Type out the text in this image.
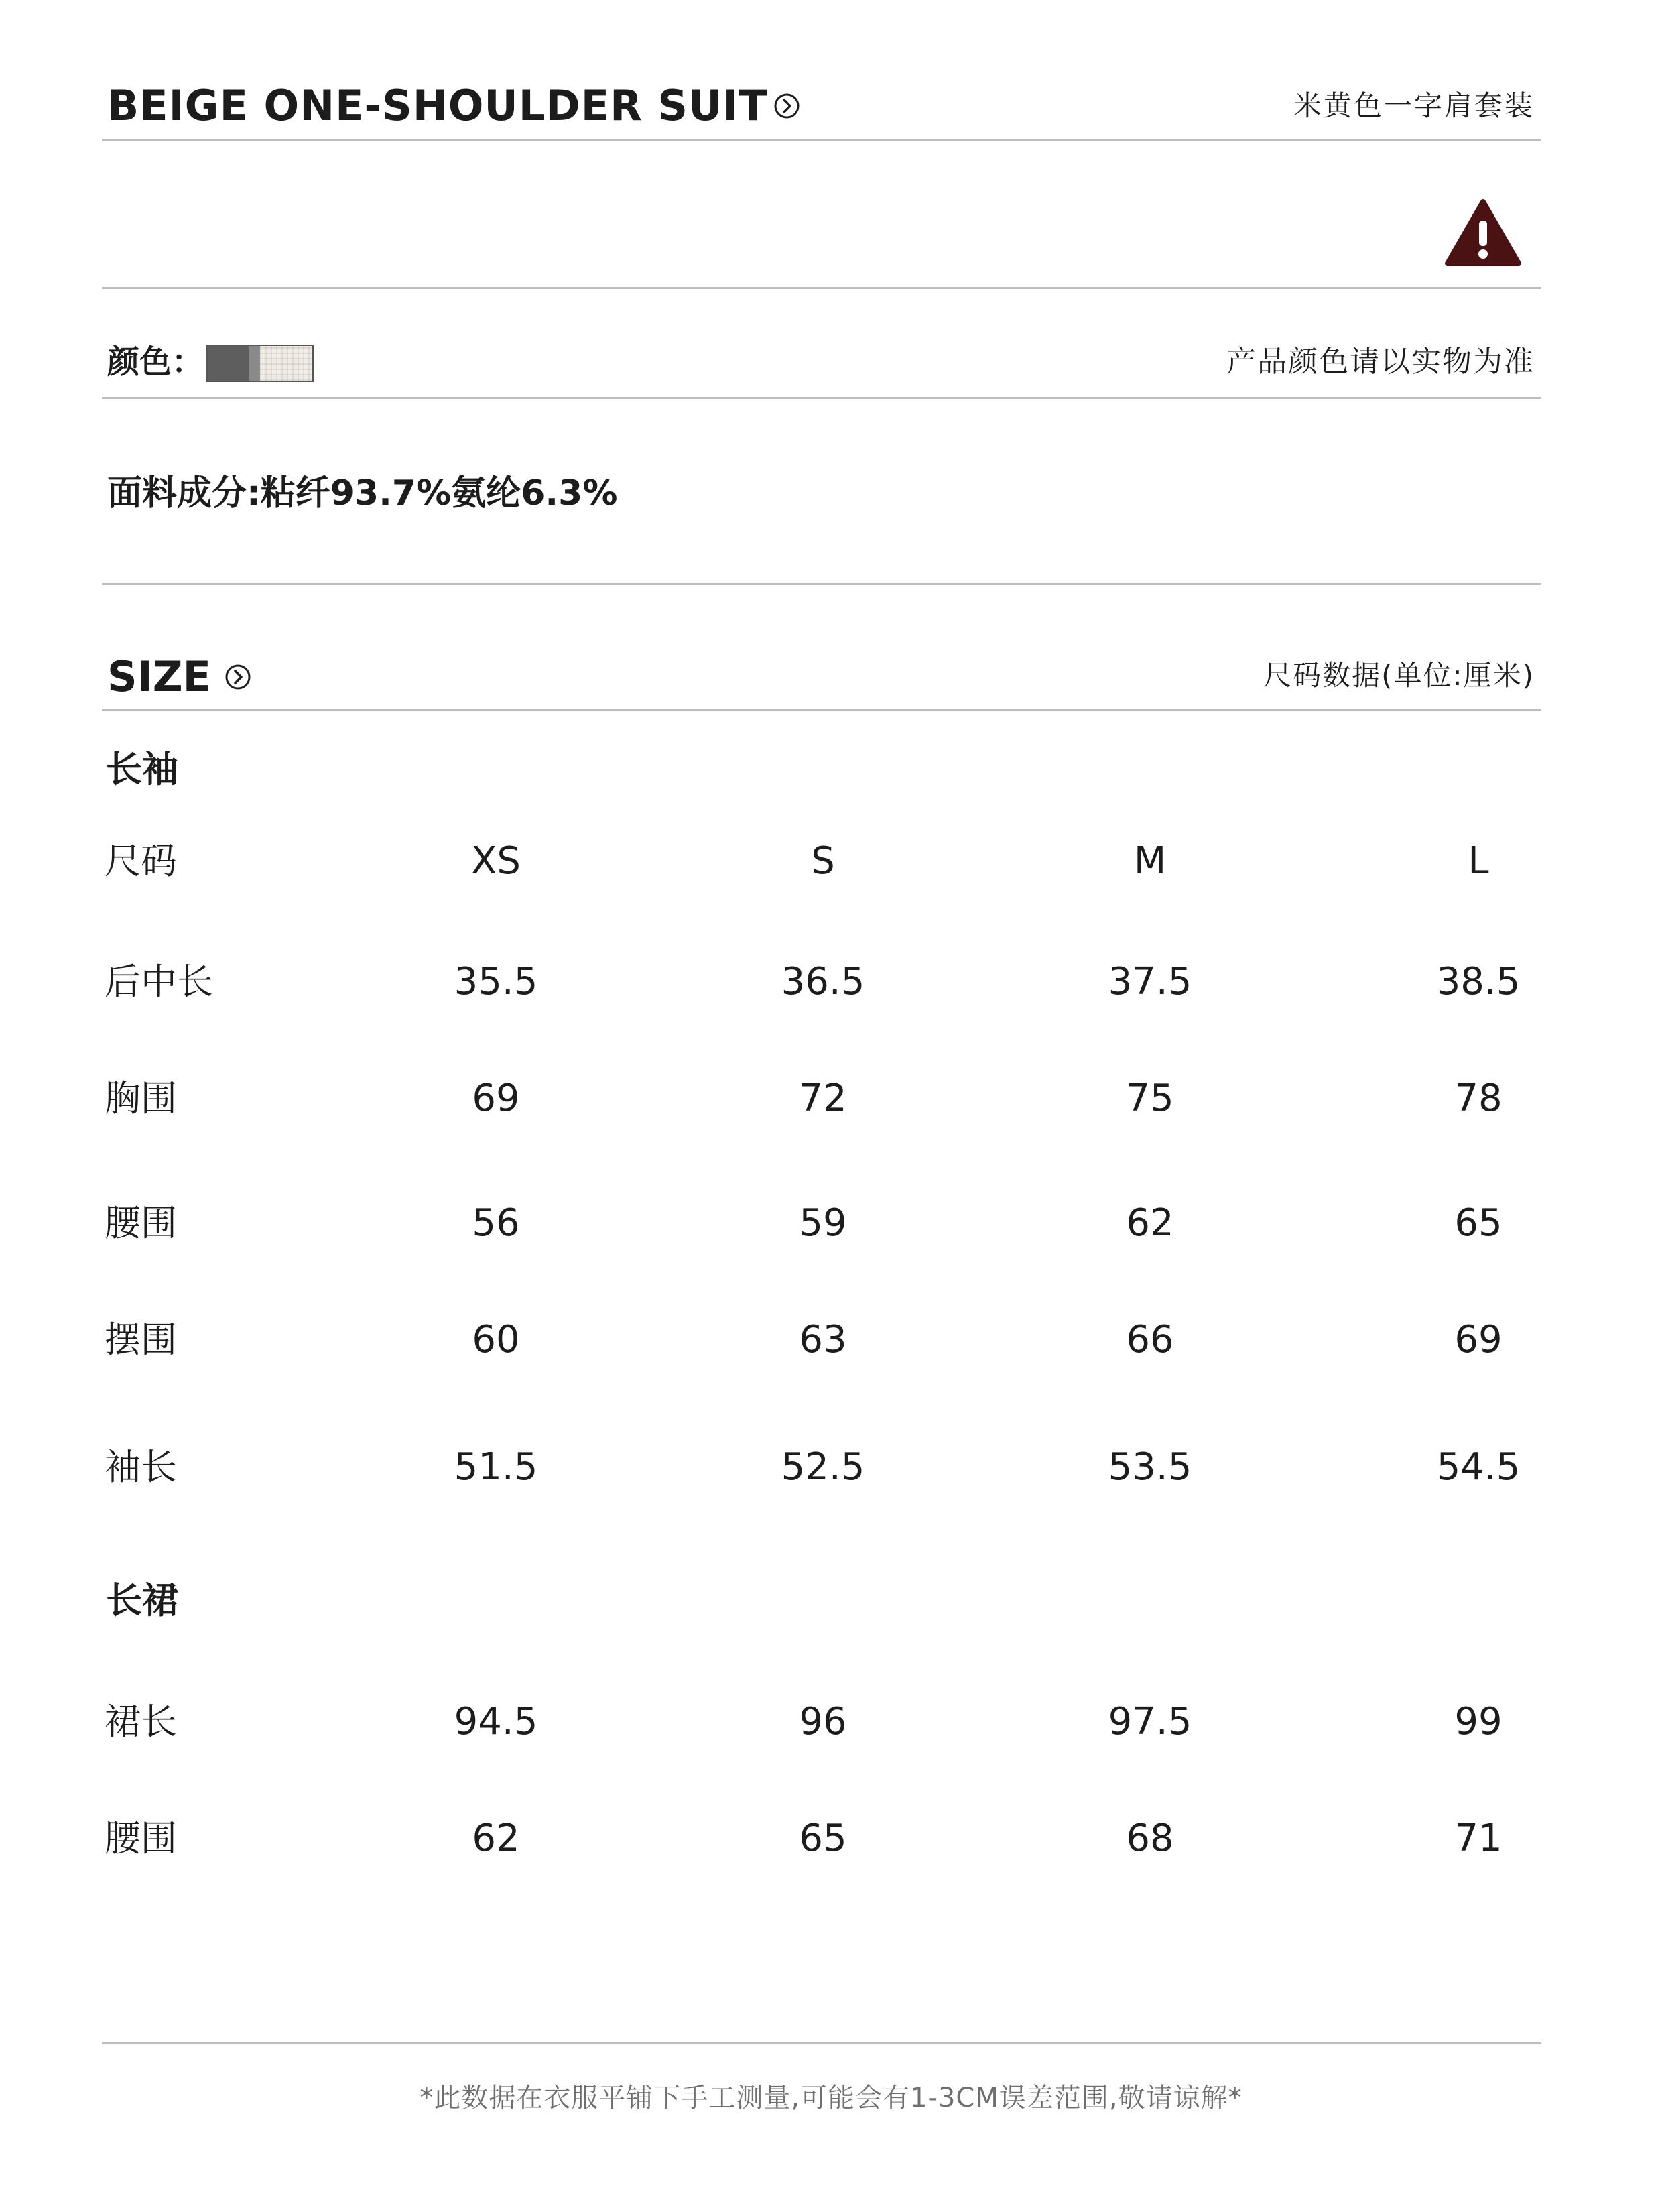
BEIGE ONE-SHOULDER SUIT	米黄色一字肩套装
颜色：	产品颜色请以实物为准
面料成分:粘纤93.7%氨纶6.3%
SIZE	尺码数据(单位:厘米)
长袖
尺码	XS	S	M	L
后中长	35.5	36.5	37.5	38.5
胸围	69	72	75	78
腰围	56	59	62	65
摆围	60	63	66	69
袖长	51.5	52.5	53.5	54.5
长裙
裙长	94.5	96	97.5	99
腰围	62	65	68	71
*此数据在衣服平铺下手工测量,可能会有1-3CM误差范围,敬请谅解*
